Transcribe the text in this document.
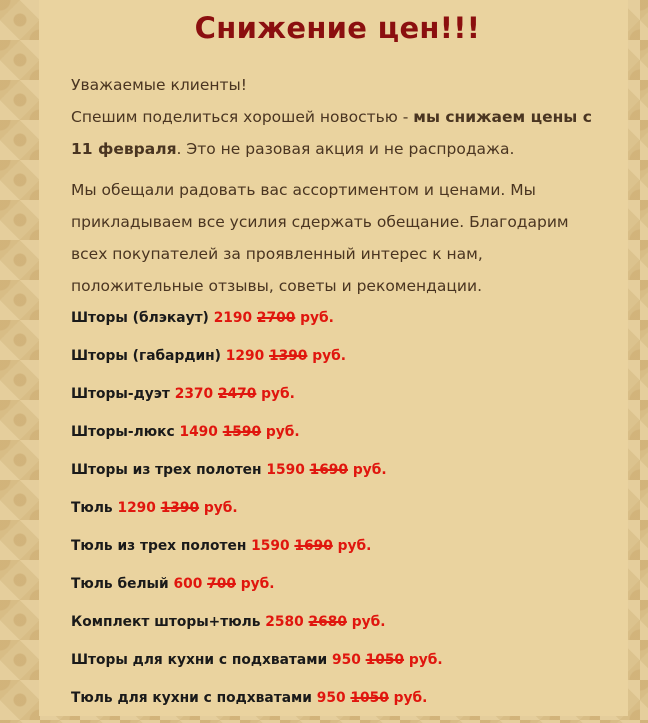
Снижение цен!!!

Уважаемые клиенты!

Спешим поделиться хорошей новостью - мы снижаем цены с 11 февраля. Это не разовая акция и не распродажа.

Мы обещали радовать вас ассортиментом и ценами. Мы прикладываем все усилия сдержать обещание. Благодарим всех покупателей за проявленный интерес к нам, положительные отзывы, советы и рекомендации.

Шторы (блэкаут) 2190 2700 руб.
Шторы (габардин) 1290 1390 руб.
Шторы-дуэт 2370 2470 руб.
Шторы-люкс 1490 1590 руб.
Шторы из трех полотен 1590 1690 руб.
Тюль 1290 1390 руб.
Тюль из трех полотен 1590 1690 руб.
Тюль белый 600 700 руб.
Комплект шторы+тюль 2580 2680 руб.
Шторы для кухни с подхватами 950 1050 руб.
Тюль для кухни с подхватами 950 1050 руб.
